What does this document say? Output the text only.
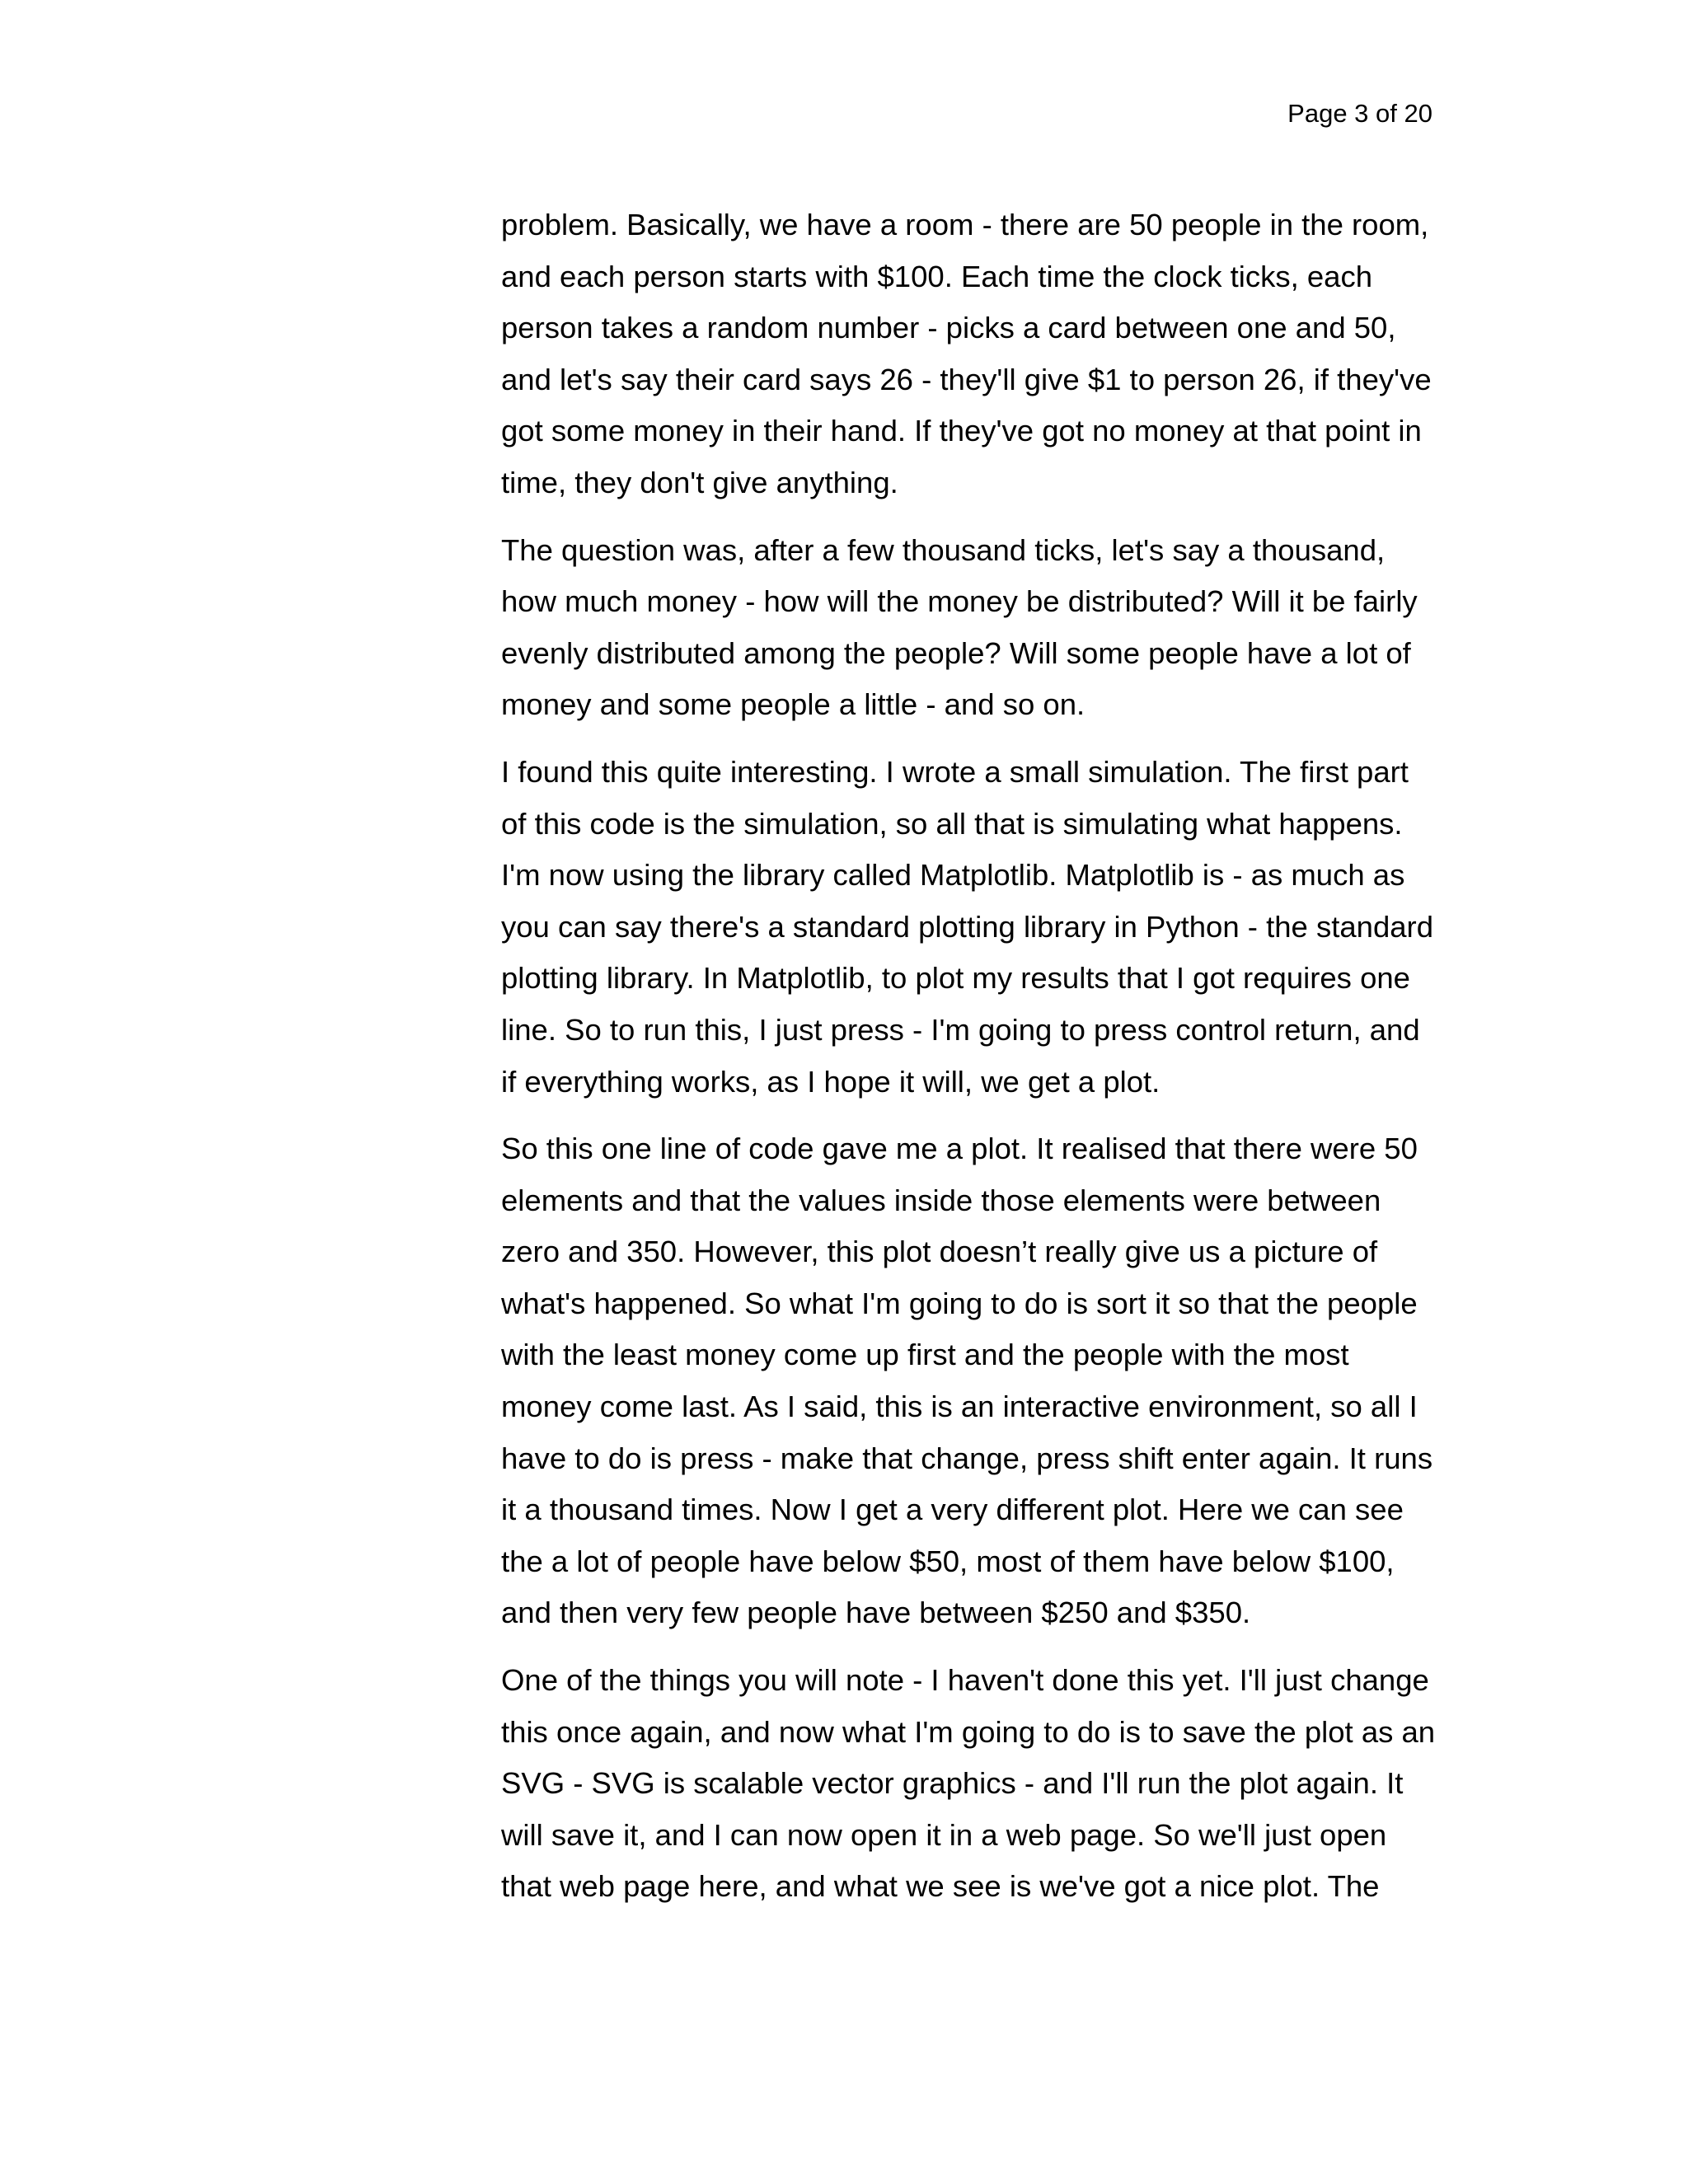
Page 3 of 20

problem. Basically, we have a room - there are 50 people in the room,
and each person starts with $100. Each time the clock ticks, each
person takes a random number - picks a card between one and 50,
and let's say their card says 26 - they'll give $1 to person 26, if they've
got some money in their hand. If they've got no money at that point in
time, they don't give anything.

The question was, after a few thousand ticks, let's say a thousand,
how much money - how will the money be distributed? Will it be fairly
evenly distributed among the people? Will some people have a lot of
money and some people a little - and so on.

I found this quite interesting. I wrote a small simulation. The first part
of this code is the simulation, so all that is simulating what happens.
I'm now using the library called Matplotlib. Matplotlib is - as much as
you can say there's a standard plotting library in Python - the standard
plotting library. In Matplotlib, to plot my results that I got requires one
line. So to run this, I just press - I'm going to press control return, and
if everything works, as I hope it will, we get a plot.

So this one line of code gave me a plot. It realised that there were 50
elements and that the values inside those elements were between
zero and 350. However, this plot doesn’t really give us a picture of
what's happened. So what I'm going to do is sort it so that the people
with the least money come up first and the people with the most
money come last. As I said, this is an interactive environment, so all I
have to do is press - make that change, press shift enter again. It runs
it a thousand times. Now I get a very different plot. Here we can see
the a lot of people have below $50, most of them have below $100,
and then very few people have between $250 and $350.

One of the things you will note - I haven't done this yet. I'll just change
this once again, and now what I'm going to do is to save the plot as an
SVG - SVG is scalable vector graphics - and I'll run the plot again. It
will save it, and I can now open it in a web page. So we'll just open
that web page here, and what we see is we've got a nice plot. The
